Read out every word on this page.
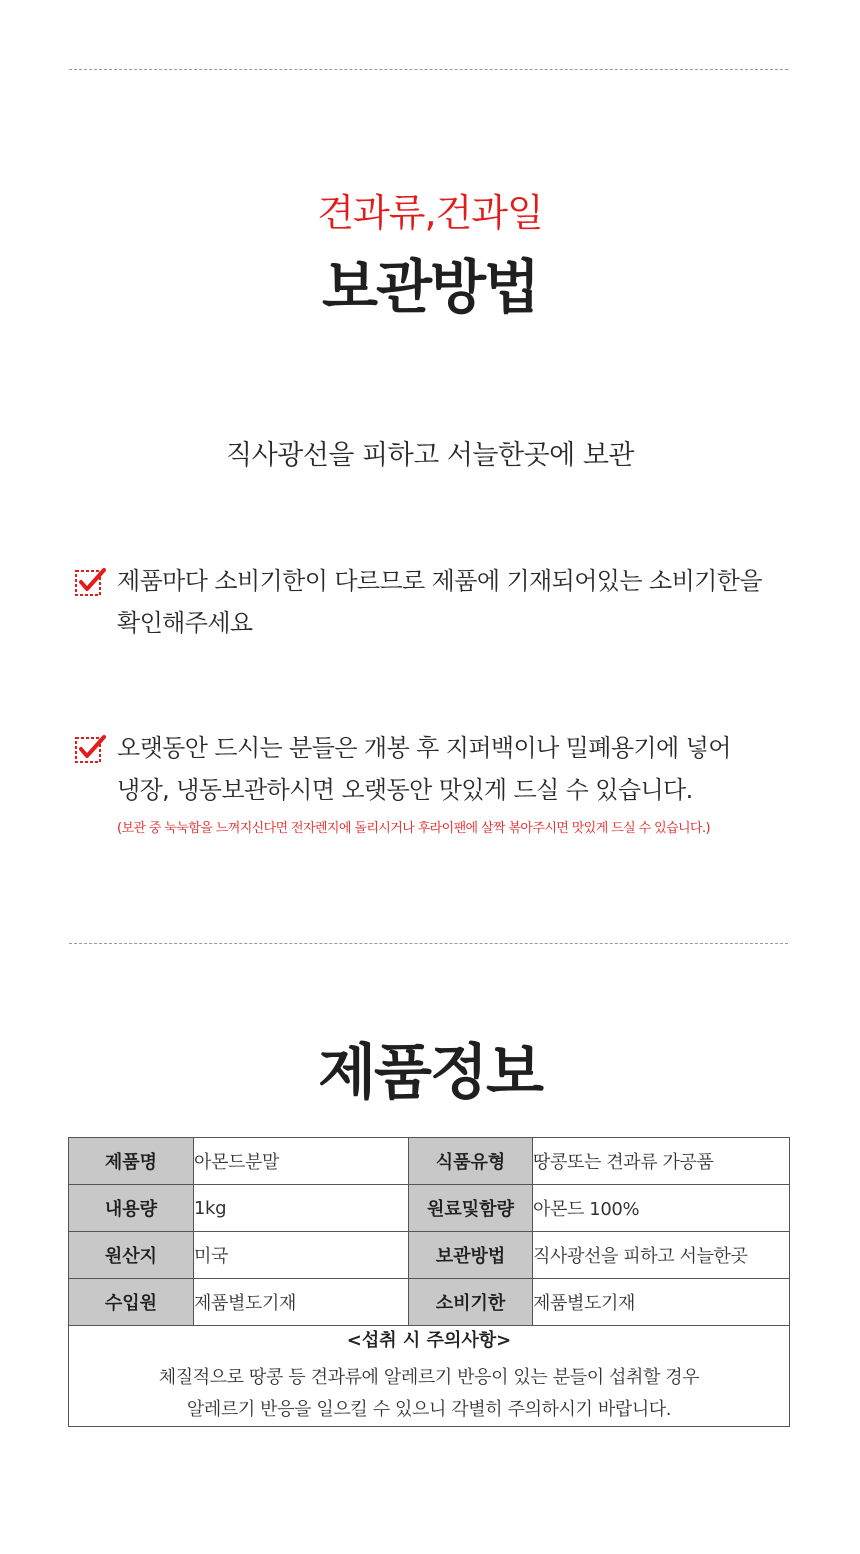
견과류,건과일
보관방법
직사광선을 피하고 서늘한곳에 보관
제품마다 소비기한이 다르므로 제품에 기재되어있는 소비기한을
확인해주세요
오랫동안 드시는 분들은 개봉 후 지퍼백이나 밀폐용기에 넣어
냉장, 냉동보관하시면 오랫동안 맛있게 드실 수 있습니다.
(보관 중 눅눅함을 느껴지신다면 전자렌지에 돌리시거나 후라이팬에 살짝 볶아주시면 맛있게 드실 수 있습니다.)
제품정보
제품명	아몬드분말	식품유형	땅콩또는 견과류 가공품
내용량	1kg	원료및함량	아몬드 100%
원산지	미국	보관방법	직사광선을 피하고 서늘한곳
수입원	제품별도기재	소비기한	제품별도기재

<섭취 시 주의사항>
체질적으로 땅콩 등 견과류에 알레르기 반응이 있는 분들이 섭취할 경우
알레르기 반응을 일으킬 수 있으니 각별히 주의하시기 바랍니다.			
